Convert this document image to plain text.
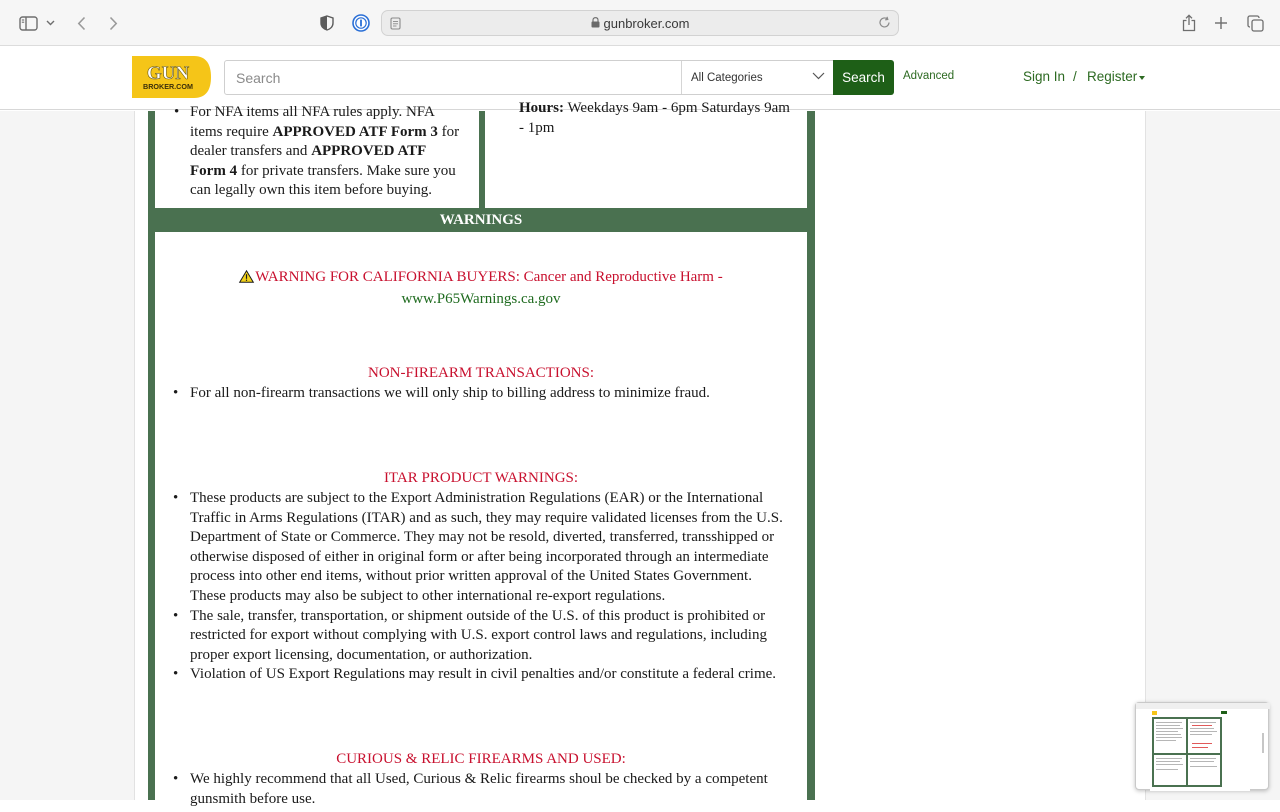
gunbroker.com
GUN
BROKER.COM
Search
All Categories	Search	Advanced	Sign In / Register
• For NFA items all NFA rules apply. NFA
items require APPROVED ATF Form 3 for
dealer transfers and APPROVED ATF
Form 4 for private transfers. Make sure you
can legally own this item before buying.
Hours: Weekdays 9am - 6pm Saturdays 9am
- 1pm
WARNINGS
WARNING FOR CALIFORNIA BUYERS: Cancer and Reproductive Harm -
www.P65Warnings.ca.gov
NON-FIREARM TRANSACTIONS:
• For all non-firearm transactions we will only ship to billing address to minimize fraud.
ITAR PRODUCT WARNINGS:
• These products are subject to the Export Administration Regulations (EAR) or the International
Traffic in Arms Regulations (ITAR) and as such, they may require validated licenses from the U.S.
Department of State or Commerce. They may not be resold, diverted, transferred, transshipped or
otherwise disposed of either in original form or after being incorporated through an intermediate
process into other end items, without prior written approval of the United States Government.
These products may also be subject to other international re-export regulations.
• The sale, transfer, transportation, or shipment outside of the U.S. of this product is prohibited or
restricted for export without complying with U.S. export control laws and regulations, including
proper export licensing, documentation, or authorization.
• Violation of US Export Regulations may result in civil penalties and/or constitute a federal crime.
CURIOUS & RELIC FIREARMS AND USED:
• We highly recommend that all Used, Curious & Relic firearms shoul be checked by a competent
gunsmith before use.
